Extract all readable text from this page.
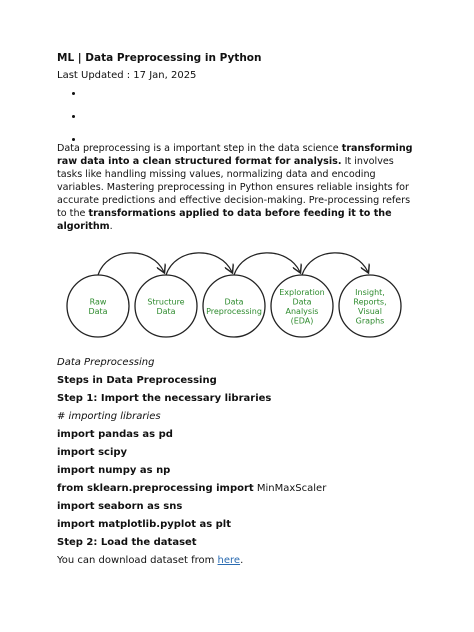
ML | Data Preprocessing in Python
Last Updated : 17 Jan, 2025
Data preprocessing is a important step in the data science transforming raw data into a clean structured format for analysis. It involves tasks like handling missing values, normalizing data and encoding variables. Mastering preprocessing in Python ensures reliable insights for accurate predictions and effective decision-making. Pre-processing refers to the transformations applied to data before feeding it to the algorithm.
Raw
Data
Structure
Data
Data
Preprocessing
Exploration
Data
Analysis
(EDA)
Insight,
Reports,
Visual
Graphs
Data Preprocessing
Steps in Data Preprocessing
Step 1: Import the necessary libraries
# importing libraries
import pandas as pd
import scipy
import numpy as np
from sklearn.preprocessing import MinMaxScaler
import seaborn as sns
import matplotlib.pyplot as plt
Step 2: Load the dataset
You can download dataset from here.
